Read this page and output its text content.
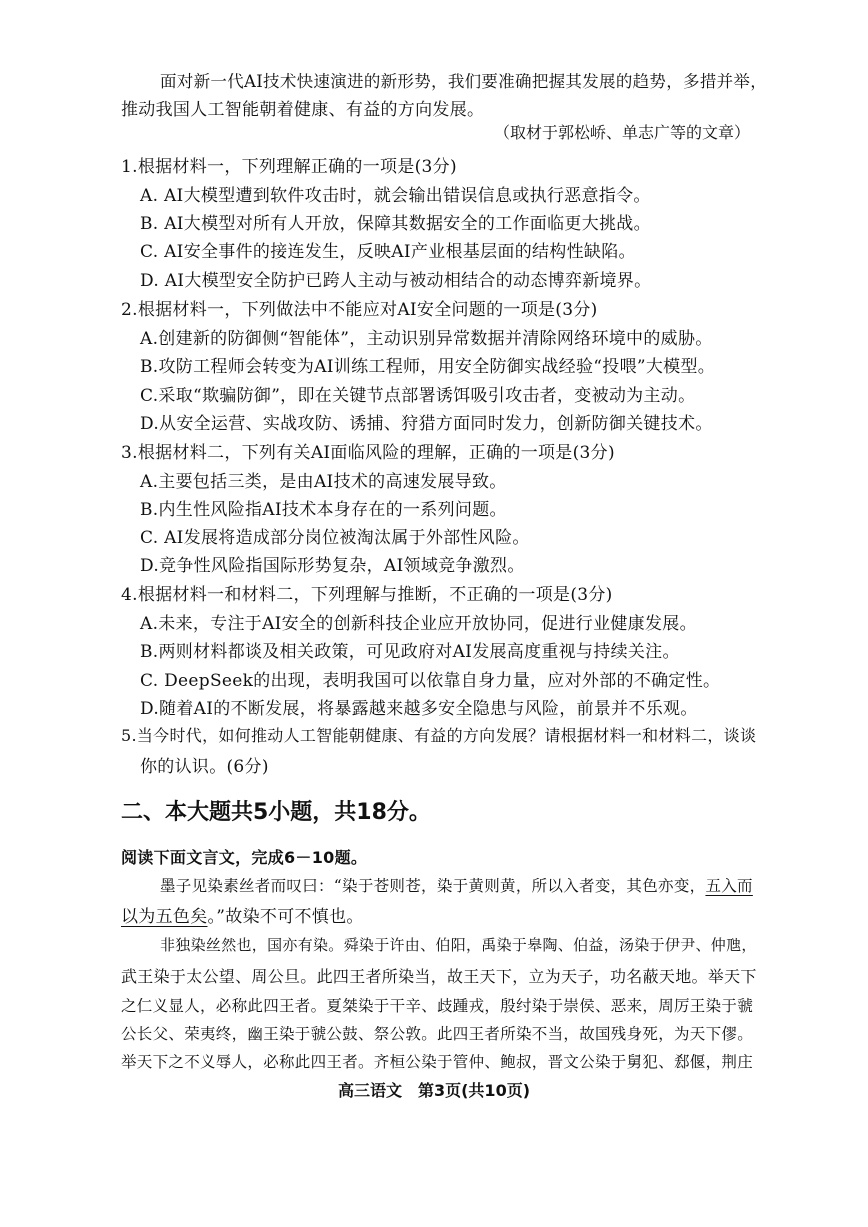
面对新一代AI技术快速演进的新形势，我们要准确把握其发展的趋势，多措并举，
推动我国人工智能朝着健康、有益的方向发展。
（取材于郭松峤、单志广等的文章）
1.根据材料一，下列理解正确的一项是(3分)
A. AI大模型遭到软件攻击时，就会输出错误信息或执行恶意指令。
B. AI大模型对所有人开放，保障其数据安全的工作面临更大挑战。
C. AI安全事件的接连发生，反映AI产业根基层面的结构性缺陷。
D. AI大模型安全防护已跨人主动与被动相结合的动态博弈新境界。
2.根据材料一，下列做法中不能应对AI安全问题的一项是(3分)
A.创建新的防御侧“智能体”，主动识别异常数据并清除网络环境中的威胁。
B.攻防工程师会转变为AI训练工程师，用安全防御实战经验“投喂”大模型。
C.采取“欺骗防御”，即在关键节点部署诱饵吸引攻击者，变被动为主动。
D.从安全运营、实战攻防、诱捕、狩猎方面同时发力，创新防御关键技术。
3.根据材料二，下列有关AI面临风险的理解，正确的一项是(3分)
A.主要包括三类，是由AI技术的高速发展导致。
B.内生性风险指AI技术本身存在的一系列问题。
C. AI发展将造成部分岗位被淘汰属于外部性风险。
D.竞争性风险指国际形势复杂，AI领域竞争激烈。
4.根据材料一和材料二，下列理解与推断，不正确的一项是(3分)
A.未来，专注于AI安全的创新科技企业应开放协同，促进行业健康发展。
B.两则材料都谈及相关政策，可见政府对AI发展高度重视与持续关注。
C. DeepSeek的出现，表明我国可以依靠自身力量，应对外部的不确定性。
D.随着AI的不断发展，将暴露越来越多安全隐患与风险，前景并不乐观。
5.当今时代，如何推动人工智能朝健康、有益的方向发展？请根据材料一和材料二，谈谈
你的认识。(6分)
二、本大题共5小题，共18分。
阅读下面文言文，完成6－10题。
墨子见染素丝者而叹曰：“染于苍则苍，染于黄则黄，所以入者变，其色亦变，五入而
以为五色矣。”故染不可不慎也。
非独染丝然也，国亦有染。舜染于许由、伯阳，禹染于皋陶、伯益，汤染于伊尹、仲虺，
武王染于太公望、周公旦。此四王者所染当，故王天下，立为天子，功名蔽天地。举天下
之仁义显人，必称此四王者。夏桀染于干辛、歧踵戎，殷纣染于崇侯、恶来，周厉王染于虢
公长父、荣夷终，幽王染于虢公鼓、祭公敦。此四王者所染不当，故国残身死，为天下僇。
举天下之不义辱人，必称此四王者。齐桓公染于管仲、鲍叔，晋文公染于舅犯、郄偃，荆庄
高三语文　第3页(共10页)
